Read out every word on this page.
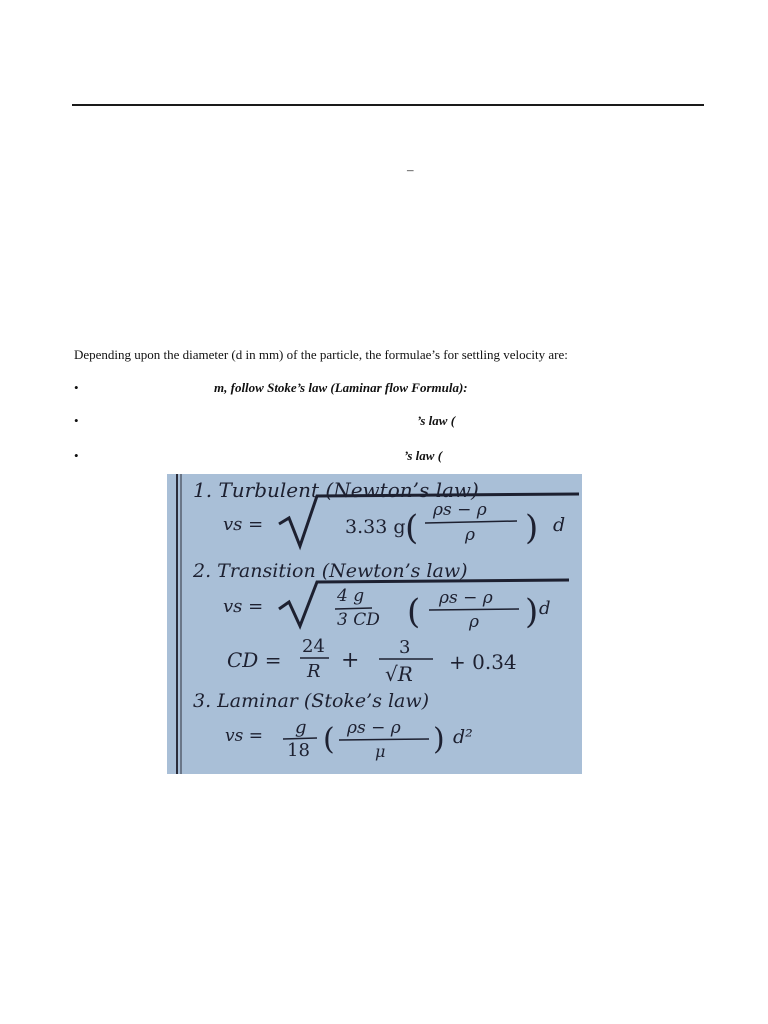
–
Depending upon the diameter (d in mm) of the particle, the formulae’s for settling velocity are:
•	m, follow Stoke’s law (Laminar flow Formula):
•	’s law (
•	’s law (
1. Turbulent (Newton’s law)
vs =	3.33 g ( ρs − ρ
ρ ) d
2. Transition (Newton’s law)
vs =	4 g
3 CD ( ρs − ρ
ρ ) d
CD =
24
R +
3
√R + 0.34
3. Laminar (Stoke’s law)
vs = g
18 ( ρs − ρ
μ ) d²
